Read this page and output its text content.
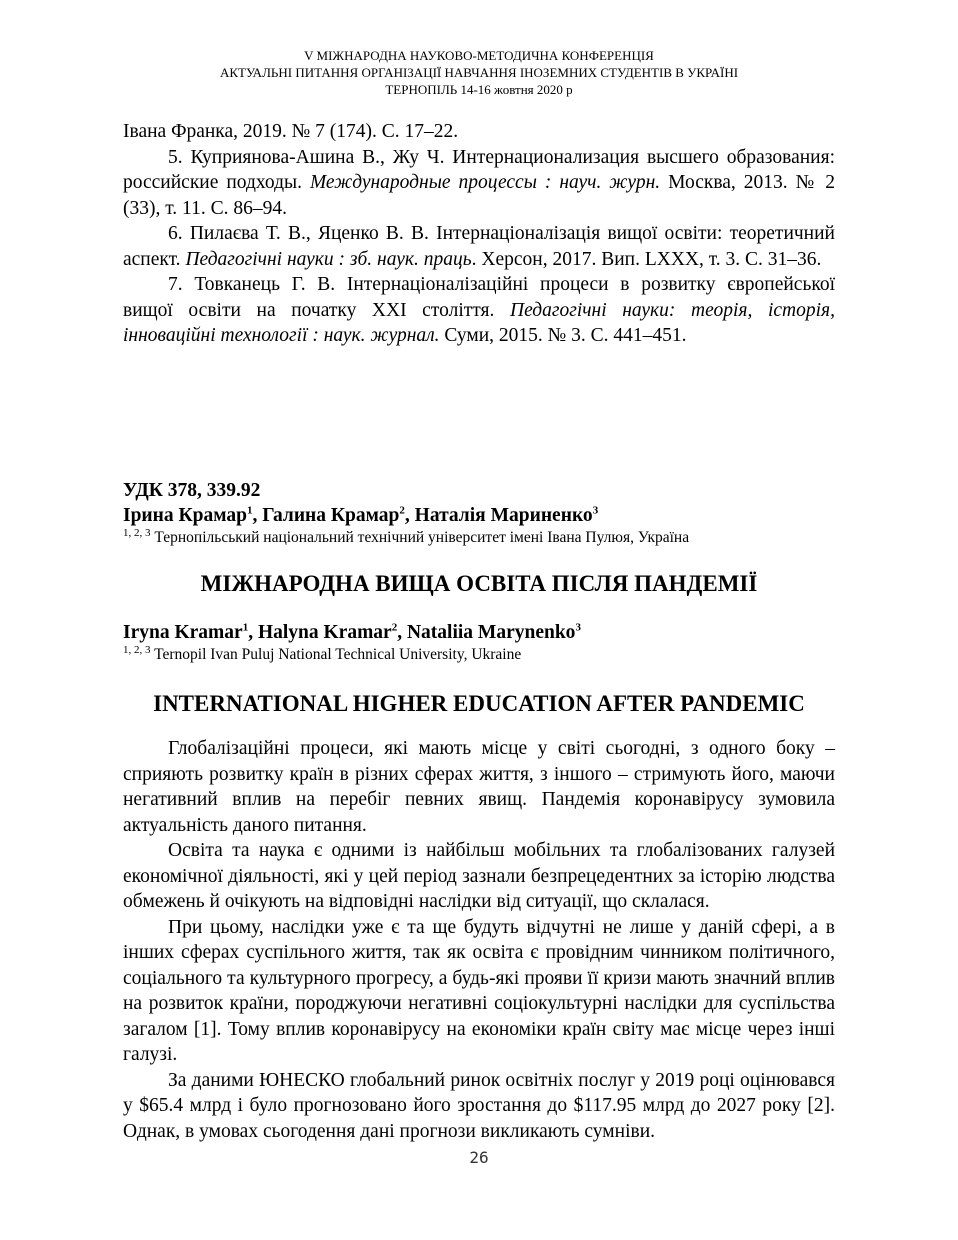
V МІЖНАРОДНА НАУКОВО-МЕТОДИЧНА КОНФЕРЕНЦІЯ
АКТУАЛЬНІ ПИТАННЯ ОРГАНІЗАЦІЇ НАВЧАННЯ ІНОЗЕМНИХ СТУДЕНТІВ В УКРАЇНІ
ТЕРНОПІЛЬ 14-16 жовтня 2020 р

Івана Франка, 2019. № 7 (174). С. 17–22.

5. Куприянова-Ашина В., Жу Ч. Интернационализация высшего образования: российские подходы. Международные процессы : науч. журн. Москва, 2013. № 2 (33), т. 11. С. 86–94.

6. Пилаєва Т. В., Яценко В. В. Інтернаціоналізація вищої освіти: теоретичний аспект. Педагогічні науки : зб. наук. праць. Херсон, 2017. Вип. LXXX, т. 3. С. 31–36.

7. Товканець Г. В. Інтернаціоналізаційні процеси в розвитку європейської вищої освіти на початку XXI століття. Педагогічні науки: теорія, історія, інноваційні технології : наук. журнал. Суми, 2015. № 3. С. 441–451.

УДК 378, 339.92
Ірина Крамар$^1$, Галина Крамар$^2$, Наталія Мариненко$^3$
$^{1, 2, 3}$ Тернопільський національний технічний університет імені Івана Пулюя, Україна
МІЖНАРОДНА ВИЩА ОСВІТА ПІСЛЯ ПАНДЕМІЇ
Iryna Kramar$^1$, Halyna Kramar$^2$, Nataliia Marynenko$^3$
$^{1, 2, 3}$ Ternopil Ivan Puluj National Technical University, Ukraine
INTERNATIONAL HIGHER EDUCATION AFTER PANDEMIC

Глобалізаційні процеси, які мають місце у світі сьогодні, з одного боку – сприяють розвитку країн в різних сферах життя, з іншого – стримують його, маючи негативний вплив на перебіг певних явищ. Пандемія коронавірусу зумовила актуальність даного питання.

Освіта та наука є одними із найбільш мобільних та глобалізованих галузей економічної діяльності, які у цей період зазнали безпрецедентних за історію людства обмежень й очікують на відповідні наслідки від ситуації, що склалася.

При цьому, наслідки уже є та ще будуть відчутні не лише у даній сфері, а в інших сферах суспільного життя, так як освіта є провідним чинником політичного, соціального та культурного прогресу, а будь-які прояви її кризи мають значний вплив на розвиток країни, породжуючи негативні соціокультурні наслідки для суспільства загалом [1]. Тому вплив коронавірусу на економіки країн світу має місце через інші галузі.

За даними ЮНЕСКО глобальний ринок освітніх послуг у 2019 році оцінювався у $65.4 млрд і було прогнозовано його зростання до $117.95 млрд до 2027 року [2]. Однак, в умовах сьогодення дані прогнози викликають сумніви.

26
